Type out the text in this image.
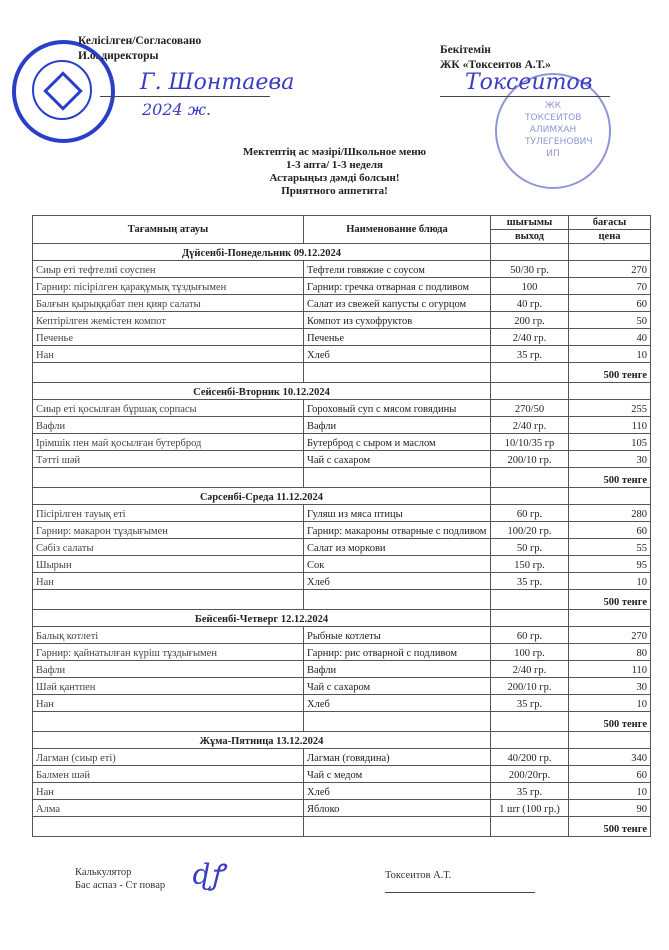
Келісілген/Согласовано
И.о. директоры
Г. Шонтаева
2024 ж.
Бекітемін
ЖК «Токсеитов А.Т.»
ЖК ТОКСЕИТОВ АЛИМХАН ТУЛЕГЕНОВИЧ ИП
Токсеитов
Мектептің ас мәзірі/Школьное меню
1-3 апта/ 1-3 неделя
Астарыңыз дәмді болсын!
Приятного аппетита!
Тағамның атауы	Наименование блюда	шығымы	бағасы
		выход	цена
Дүйсенбі-Понедельник 09.12.2024			
Сиыр еті тефтелиі соуспен	Тефтели говяжие с соусом	50/30 гр.	270
Гарнир: пісірілген қарақұмық тұздығымен	Гарнир: гречка отварная с подливом	100	70
Балғын қырыққабат пен қияр салаты	Салат из свежей капусты с огурцом	40 гр.	60
Кептірілген жемістен компот	Компот из сухофруктов	200 гр.	50
Печенье	Печенье	2/40 гр.	40
Нан	Хлеб	35 гр.	10
			500 тенге
Сейсенбі-Вторник 10.12.2024			
Сиыр еті қосылған бұршақ сорпасы	Гороховый суп с мясом говядины	270/50	255
Вафли	Вафли	2/40 гр.	110
Ірімшік пен май қосылған бутерброд	Бутерброд с сыром и маслом	10/10/35 гр	105
Тәтті шәй	Чай с сахаром	200/10 гр.	30
			500 тенге
Сәрсенбі-Среда 11.12.2024			
Пісірілген тауық еті	Гуляш из мяса птицы	60 гр.	280
Гарнир: макарон тұздығымен	Гарнир: макароны отварные с подливом	100/20 гр.	60
Сәбіз салаты	Салат из моркови	50 гр.	55
Шырын	Сок	150 гр.	95
Нан	Хлеб	35 гр.	10
			500 тенге
Бейсенбі-Четверг 12.12.2024			
Балық котлеті	Рыбные котлеты	60 гр.	270
Гарнир: қайнатылған күріш тұздығымен	Гарнир: рис отварной с подливом	100 гр.	80
Вафли	Вафли	2/40 гр.	110
Шәй қантпен	Чай с сахаром	200/10 гр.	30
Нан	Хлеб	35 гр.	10
			500 тенге
Жұма-Пятница 13.12.2024			
Лагман (сиыр еті)	Лагман (говядина)	40/200 гр.	340
Балмен шәй	Чай с медом	200/20гр.	60
Нан	Хлеб	35 гр.	10
Алма	Яблоко	1 шт (100 гр.)	90
			500 тенге
Калькулятор
Бас аспаз - Ст повар ɖꝭ	Токсеитов А.Т.
